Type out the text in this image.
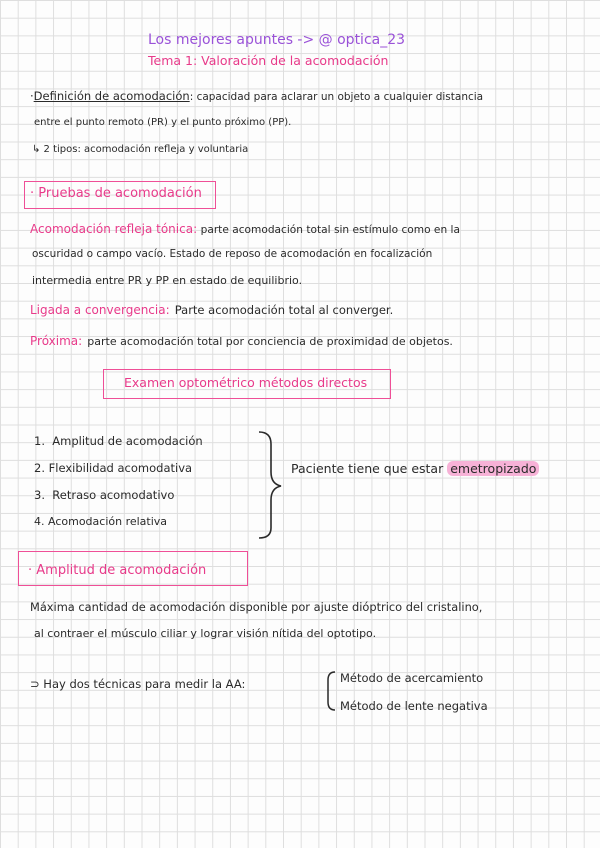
Los mejores apuntes -> @ optica_23
Tema 1: Valoración de la acomodación
·Definición de acomodación: capacidad para aclarar un objeto a cualquier distancia
entre el punto remoto (PR) y el punto próximo (PP).
↳ 2 tipos: acomodación refleja y voluntaria
· Pruebas de acomodación
Acomodación refleja tónica: parte acomodación total sin estímulo como en la
oscuridad o campo vacío. Estado de reposo de acomodación en focalización
intermedia entre PR y PP en estado de equilibrio.
Ligada a convergencia: Parte acomodación total al converger.
Próxima: parte acomodación total por conciencia de proximidad de objetos.
Examen optométrico métodos directos
1. Amplitud de acomodación
2. Flexibilidad acomodativa
3. Retraso acomodativo
4. Acomodación relativa
Paciente tiene que estar emetropizado
· Amplitud de acomodación
Máxima cantidad de acomodación disponible por ajuste dióptrico del cristalino,
al contraer el músculo ciliar y lograr visión nítida del optotipo.
⊃ Hay dos técnicas para medir la AA:	Método de acercamiento
Método de lente negativa
